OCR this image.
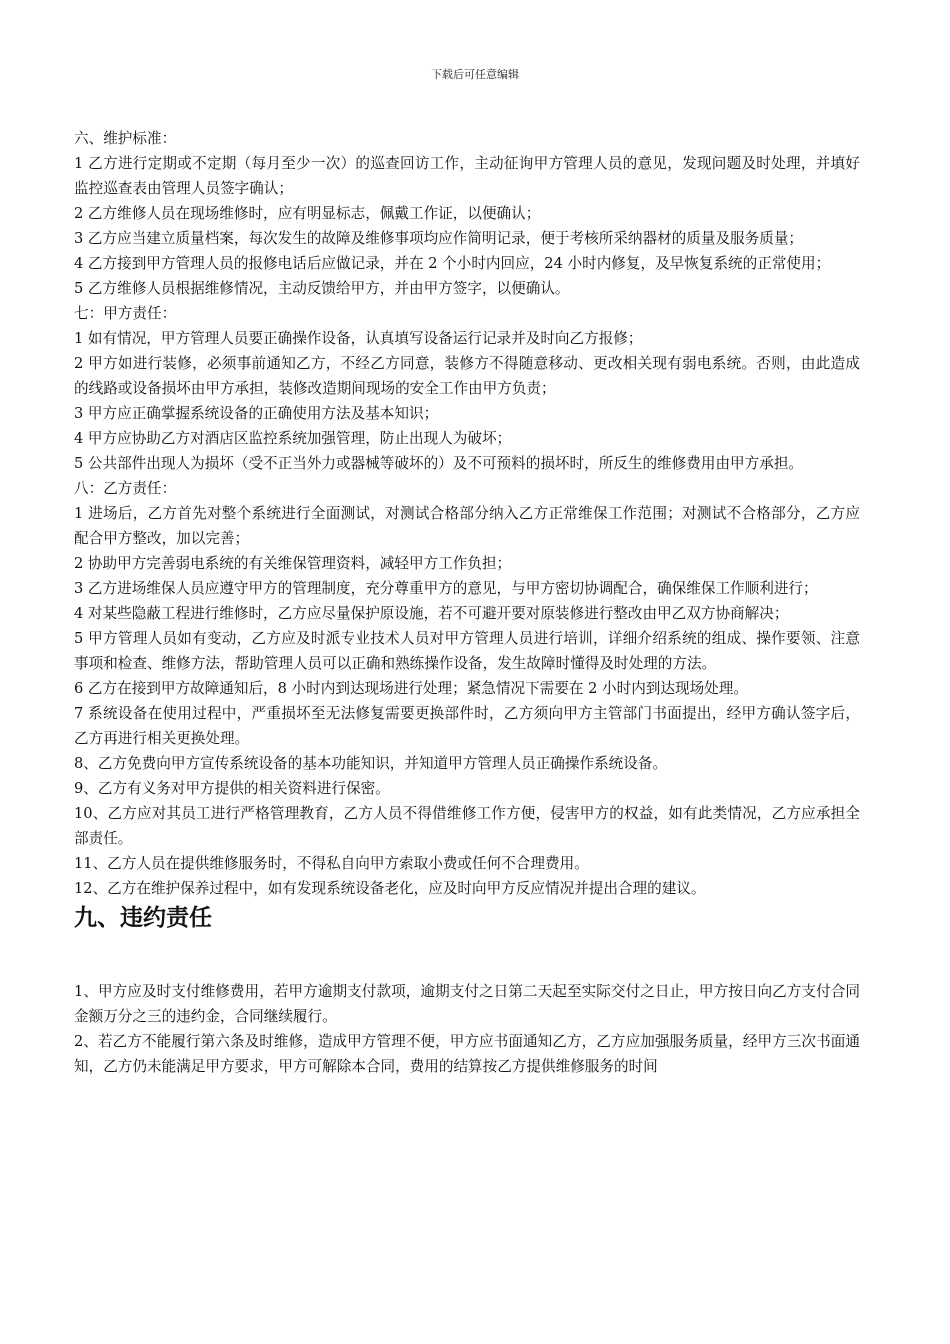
下载后可任意编辑

六、维护标准：

1 乙方进行定期或不定期（每月至少一次）的巡查回访工作，主动征询甲方管理人员的意见，发现问题及时处理，并填好监控巡查表由管理人员签字确认；

2 乙方维修人员在现场维修时，应有明显标志，佩戴工作证，以便确认；

3 乙方应当建立质量档案，每次发生的故障及维修事项均应作简明记录，便于考核所采纳器材的质量及服务质量；

4 乙方接到甲方管理人员的报修电话后应做记录，并在 2 个小时内回应，24 小时内修复，及早恢复系统的正常使用；

5 乙方维修人员根据维修情况，主动反馈给甲方，并由甲方签字，以便确认。

七：甲方责任：

1 如有情况，甲方管理人员要正确操作设备，认真填写设备运行记录并及时向乙方报修；

2 甲方如进行装修，必须事前通知乙方，不经乙方同意，装修方不得随意移动、更改相关现有弱电系统。否则，由此造成的线路或设备损坏由甲方承担，装修改造期间现场的安全工作由甲方负责；

3 甲方应正确掌握系统设备的正确使用方法及基本知识；

4 甲方应协助乙方对酒店区监控系统加强管理，防止出现人为破坏；

5 公共部件出现人为损坏（受不正当外力或器械等破坏的）及不可预料的损坏时，所反生的维修费用由甲方承担。

八：乙方责任：

1 进场后，乙方首先对整个系统进行全面测试，对测试合格部分纳入乙方正常维保工作范围；对测试不合格部分，乙方应配合甲方整改，加以完善；

2 协助甲方完善弱电系统的有关维保管理资料，减轻甲方工作负担；

3 乙方进场维保人员应遵守甲方的管理制度，充分尊重甲方的意见，与甲方密切协调配合，确保维保工作顺利进行；

4 对某些隐蔽工程进行维修时，乙方应尽量保护原设施，若不可避开要对原装修进行整改由甲乙双方协商解决；

5 甲方管理人员如有变动，乙方应及时派专业技术人员对甲方管理人员进行培训，详细介绍系统的组成、操作要领、注意事项和检查、维修方法，帮助管理人员可以正确和熟练操作设备，发生故障时懂得及时处理的方法。

6 乙方在接到甲方故障通知后，8 小时内到达现场进行处理；紧急情况下需要在 2 小时内到达现场处理。

7 系统设备在使用过程中，严重损坏至无法修复需要更换部件时，乙方须向甲方主管部门书面提出，经甲方确认签字后，乙方再进行相关更换处理。

8、乙方免费向甲方宣传系统设备的基本功能知识，并知道甲方管理人员正确操作系统设备。

9、乙方有义务对甲方提供的相关资料进行保密。

10、乙方应对其员工进行严格管理教育，乙方人员不得借维修工作方便，侵害甲方的权益，如有此类情况，乙方应承担全部责任。

11、乙方人员在提供维修服务时，不得私自向甲方索取小费或任何不合理费用。

12、乙方在维护保养过程中，如有发现系统设备老化，应及时向甲方反应情况并提出合理的建议。

九、违约责任

1、甲方应及时支付维修费用，若甲方逾期支付款项，逾期支付之日第二天起至实际交付之日止，甲方按日向乙方支付合同金额万分之三的违约金，合同继续履行。

2、若乙方不能履行第六条及时维修，造成甲方管理不便，甲方应书面通知乙方，乙方应加强服务质量，经甲方三次书面通知，乙方仍未能满足甲方要求，甲方可解除本合同，费用的结算按乙方提供维修服务的时间
